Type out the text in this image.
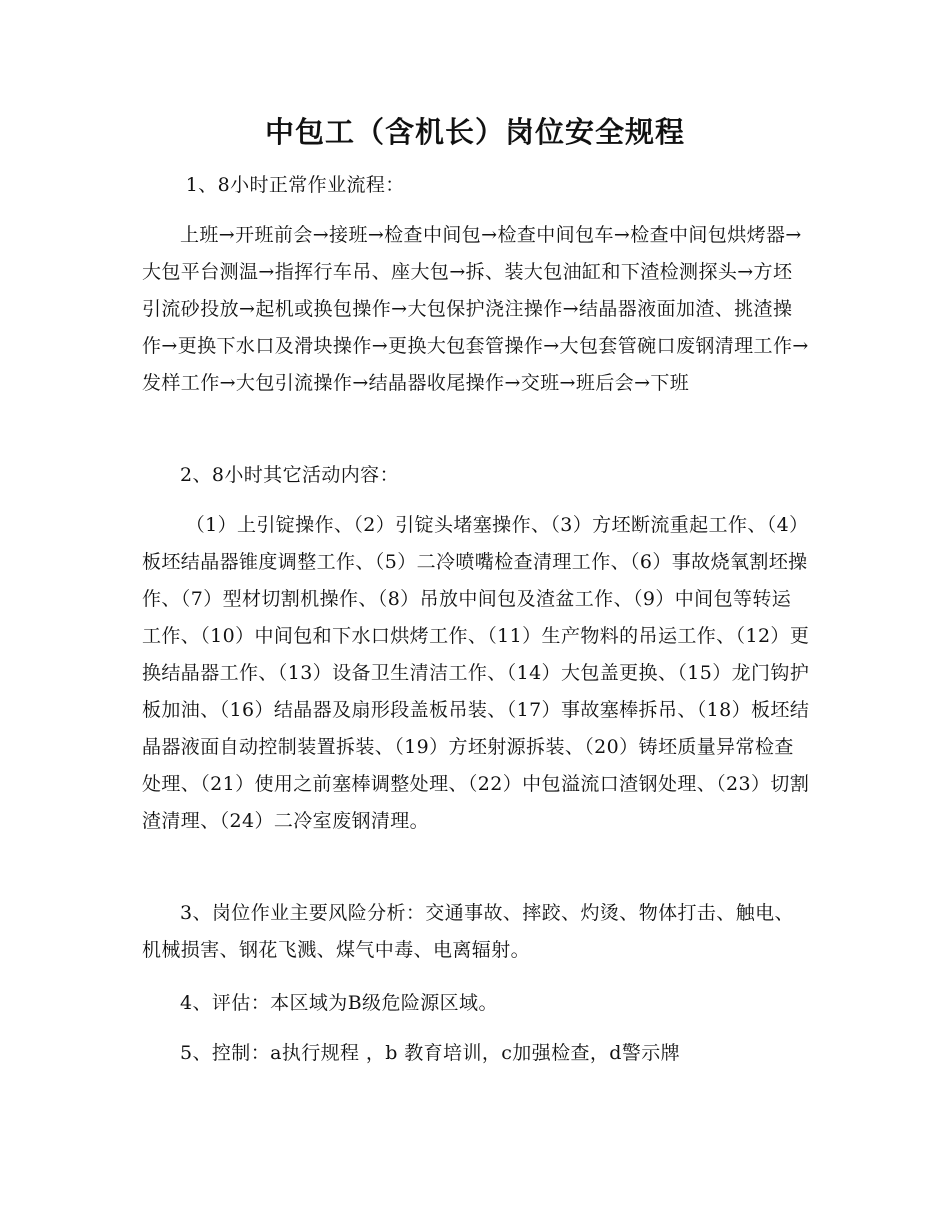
中包工（含机长）岗位安全规程

1、8小时正常作业流程：

上班→开班前会→接班→检查中间包→检查中间包车→检查中间包烘烤器→大包平台测温→指挥行车吊、座大包→拆、装大包油缸和下渣检测探头→方坯引流砂投放→起机或换包操作→大包保护浇注操作→结晶器液面加渣、挑渣操作→更换下水口及滑块操作→更换大包套管操作→大包套管碗口废钢清理工作→发样工作→大包引流操作→结晶器收尾操作→交班→班后会→下班

2、8小时其它活动内容：

（1）上引锭操作、（2）引锭头堵塞操作、（3）方坯断流重起工作、（4）板坯结晶器锥度调整工作、（5）二冷喷嘴检查清理工作、（6）事故烧氧割坯操作、（7）型材切割机操作、（8）吊放中间包及渣盆工作、（9）中间包等转运工作、（10）中间包和下水口烘烤工作、（11）生产物料的吊运工作、（12）更换结晶器工作、（13）设备卫生清洁工作、（14）大包盖更换、（15）龙门钩护板加油、（16）结晶器及扇形段盖板吊装、（17）事故塞棒拆吊、（18）板坯结晶器液面自动控制装置拆装、（19）方坯射源拆装、（20）铸坯质量异常检查处理、（21）使用之前塞棒调整处理、（22）中包溢流口渣钢处理、（23）切割渣清理、（24）二冷室废钢清理。

3、岗位作业主要风险分析：交通事故、摔跤、灼烫、物体打击、触电、机械损害、钢花飞溅、煤气中毒、电离辐射。

4、评估：本区域为B级危险源区域。

5、控制：a执行规程 ，b 教育培训，c加强检查，d警示牌
